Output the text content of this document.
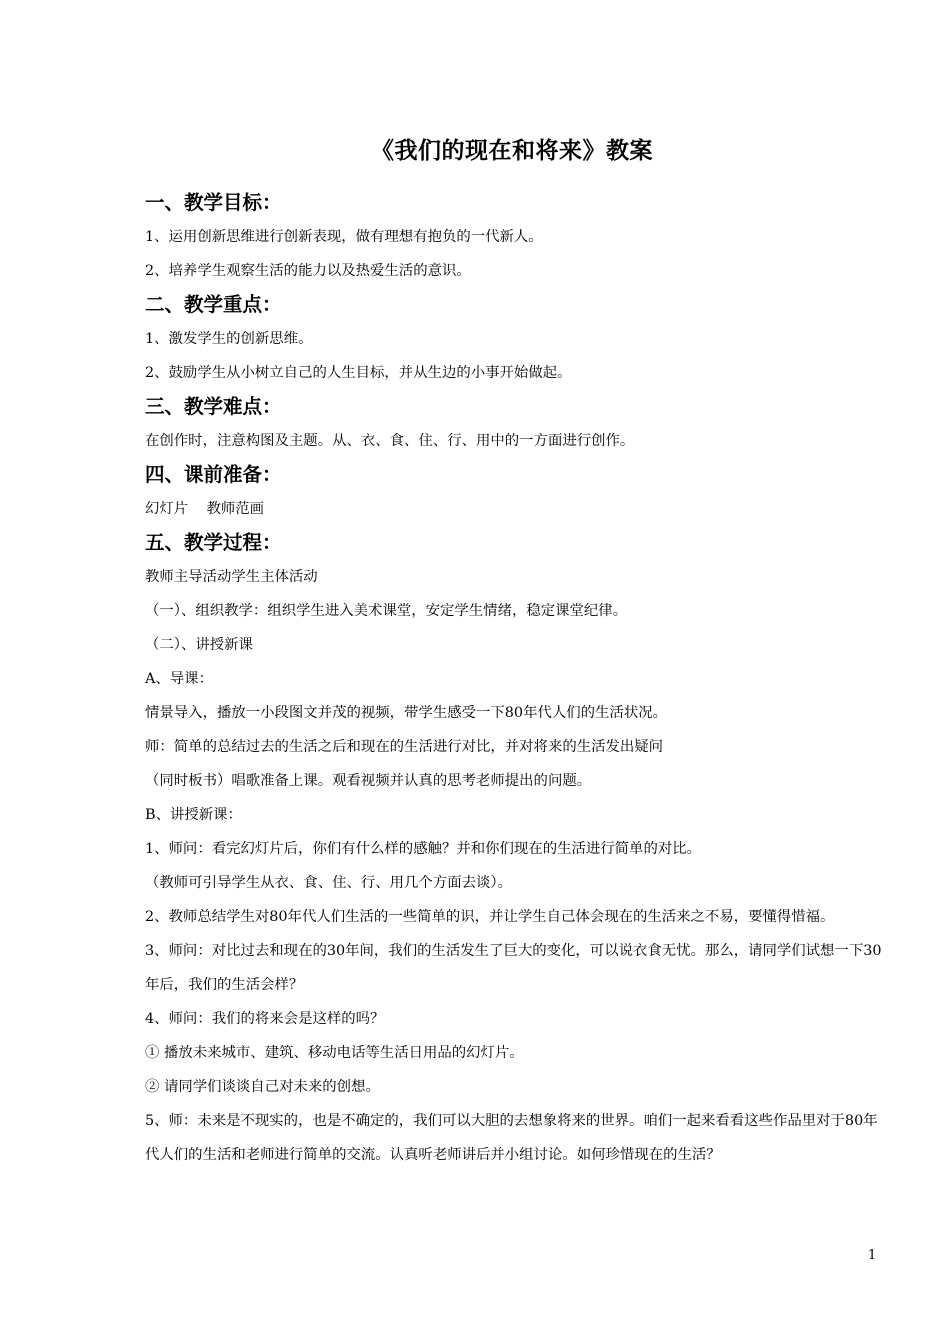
《我们的现在和将来》教案
一、教学目标：
1、运用创新思维进行创新表现，做有理想有抱负的一代新人。
2、培养学生观察生活的能力以及热爱生活的意识。
二、教学重点：
1、激发学生的创新思维。
2、鼓励学生从小树立自己的人生目标，并从生边的小事开始做起。
三、教学难点：
在创作时，注意构图及主题。从、衣、食、住、行、用中的一方面进行创作。
四、课前准备：
幻灯片    教师范画
五、教学过程：
教师主导活动学生主体活动
（一）、组织教学：组织学生进入美术课堂，安定学生情绪，稳定课堂纪律。
（二）、讲授新课
A、导课：
情景导入，播放一小段图文并茂的视频，带学生感受一下80年代人们的生活状况。
师：简单的总结过去的生活之后和现在的生活进行对比，并对将来的生活发出疑问
（同时板书）唱歌准备上课。观看视频并认真的思考老师提出的问题。
B、讲授新课：
1、师问：看完幻灯片后，你们有什么样的感触？并和你们现在的生活进行简单的对比。
（教师可引导学生从衣、食、住、行、用几个方面去谈）。
2、教师总结学生对80年代人们生活的一些简单的识，并让学生自己体会现在的生活来之不易，要懂得惜福。
3、师问：对比过去和现在的30年间，我们的生活发生了巨大的变化，可以说衣食无忧。那么，请同学们试想一下30年后，我们的生活会样？
4、师问：我们的将来会是这样的吗？
① 播放未来城市、建筑、移动电话等生活日用品的幻灯片。
② 请同学们谈谈自己对未来的创想。
5、师：未来是不现实的，也是不确定的，我们可以大胆的去想象将来的世界。咱们一起来看看这些作品里对于80年代人们的生活和老师进行简单的交流。认真听老师讲后并小组讨论。如何珍惜现在的生活？
1
